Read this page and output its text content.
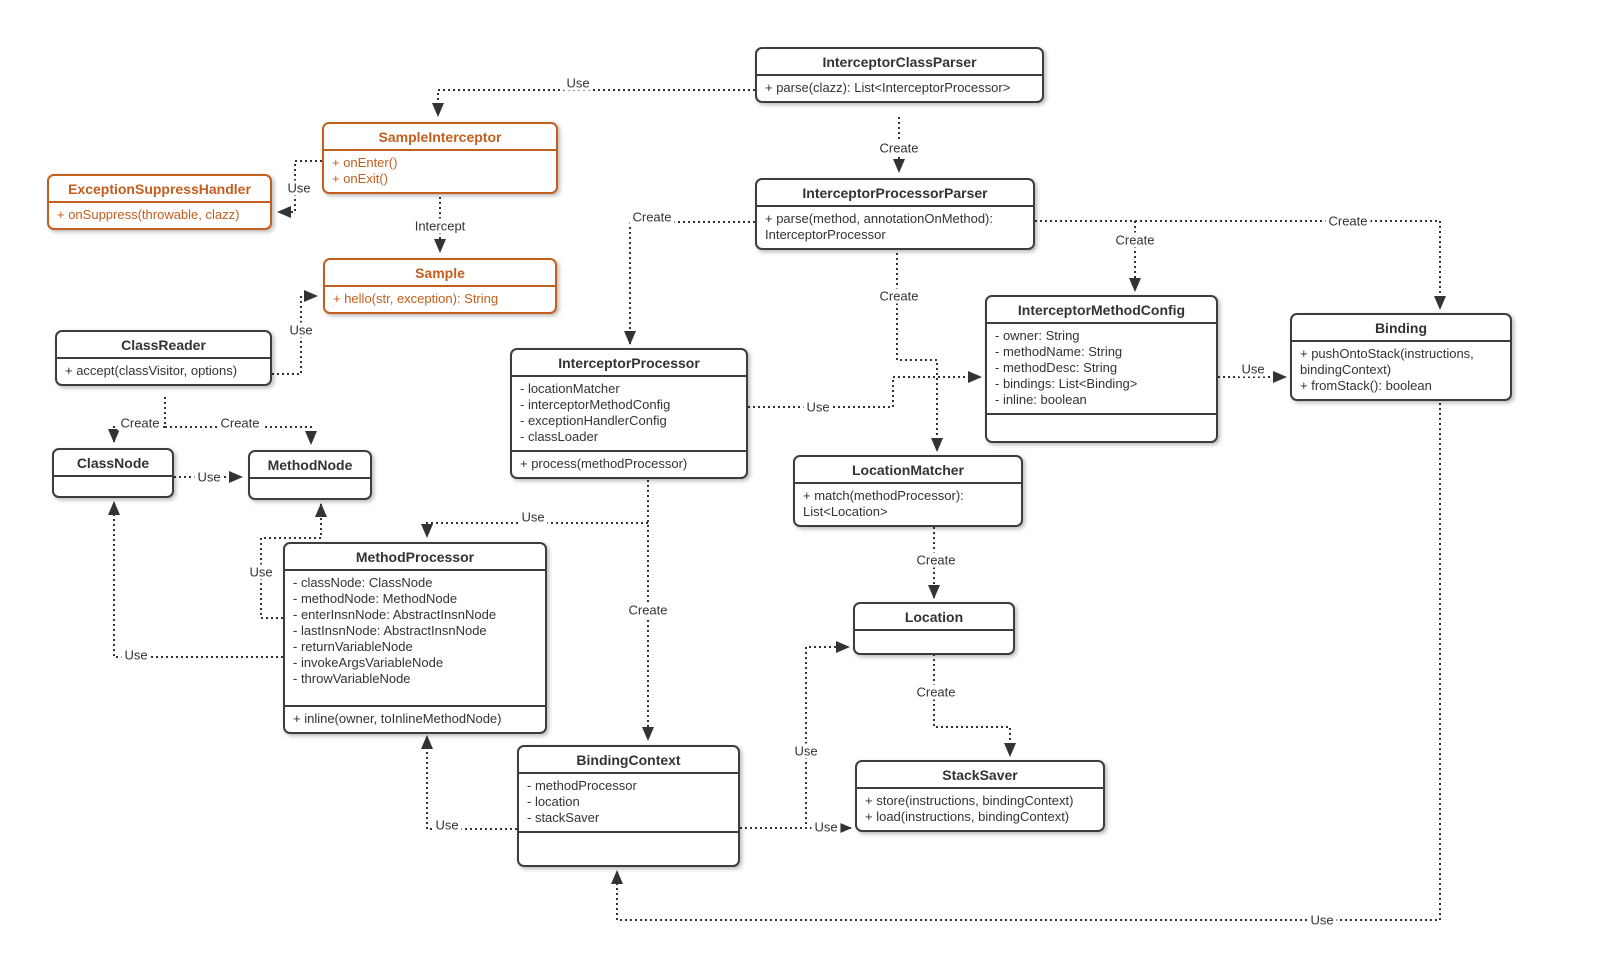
InterceptorClassParser
+ parse(clazz): List<InterceptorProcessor>
SampleInterceptor
+ onEnter()
+ onExit()
ExceptionSuppressHandler
+ onSuppress(throwable, clazz)
Sample
+ hello(str, exception): String
ClassReader
+ accept(classVisitor, options)
ClassNode	MethodNode
InterceptorProcessor
- locationMatcher
- interceptorMethodConfig
- exceptionHandlerConfig
- classLoader
+ process(methodProcessor)
InterceptorProcessorParser
+ parse(method, annotationOnMethod): InterceptorProcessor
InterceptorMethodConfig
- owner: String
- methodName: String
- methodDesc: String
- bindings: List<Binding>
- inline: boolean
Binding
+ pushOntoStack(instructions, bindingContext)
+ fromStack(): boolean
LocationMatcher
+ match(methodProcessor): List<Location>
Location
MethodProcessor
- classNode: ClassNode
- methodNode: MethodNode
- enterInsnNode: AbstractInsnNode
- lastInsnNode: AbstractInsnNode
- returnVariableNode
- invokeArgsVariableNode
- throwVariableNode
+ inline(owner, toInlineMethodNode)
BindingContext
- methodProcessor
- location
- stackSaver
StackSaver
+ store(instructions, bindingContext)
+ load(instructions, bindingContext)
Use
Create
Use
Intercept
Use
Create	Create
Use
Use
Use
Create
Use
Create
Create
Create
Create
Use
Create
Create
Use
Use
Use
Use
Use
